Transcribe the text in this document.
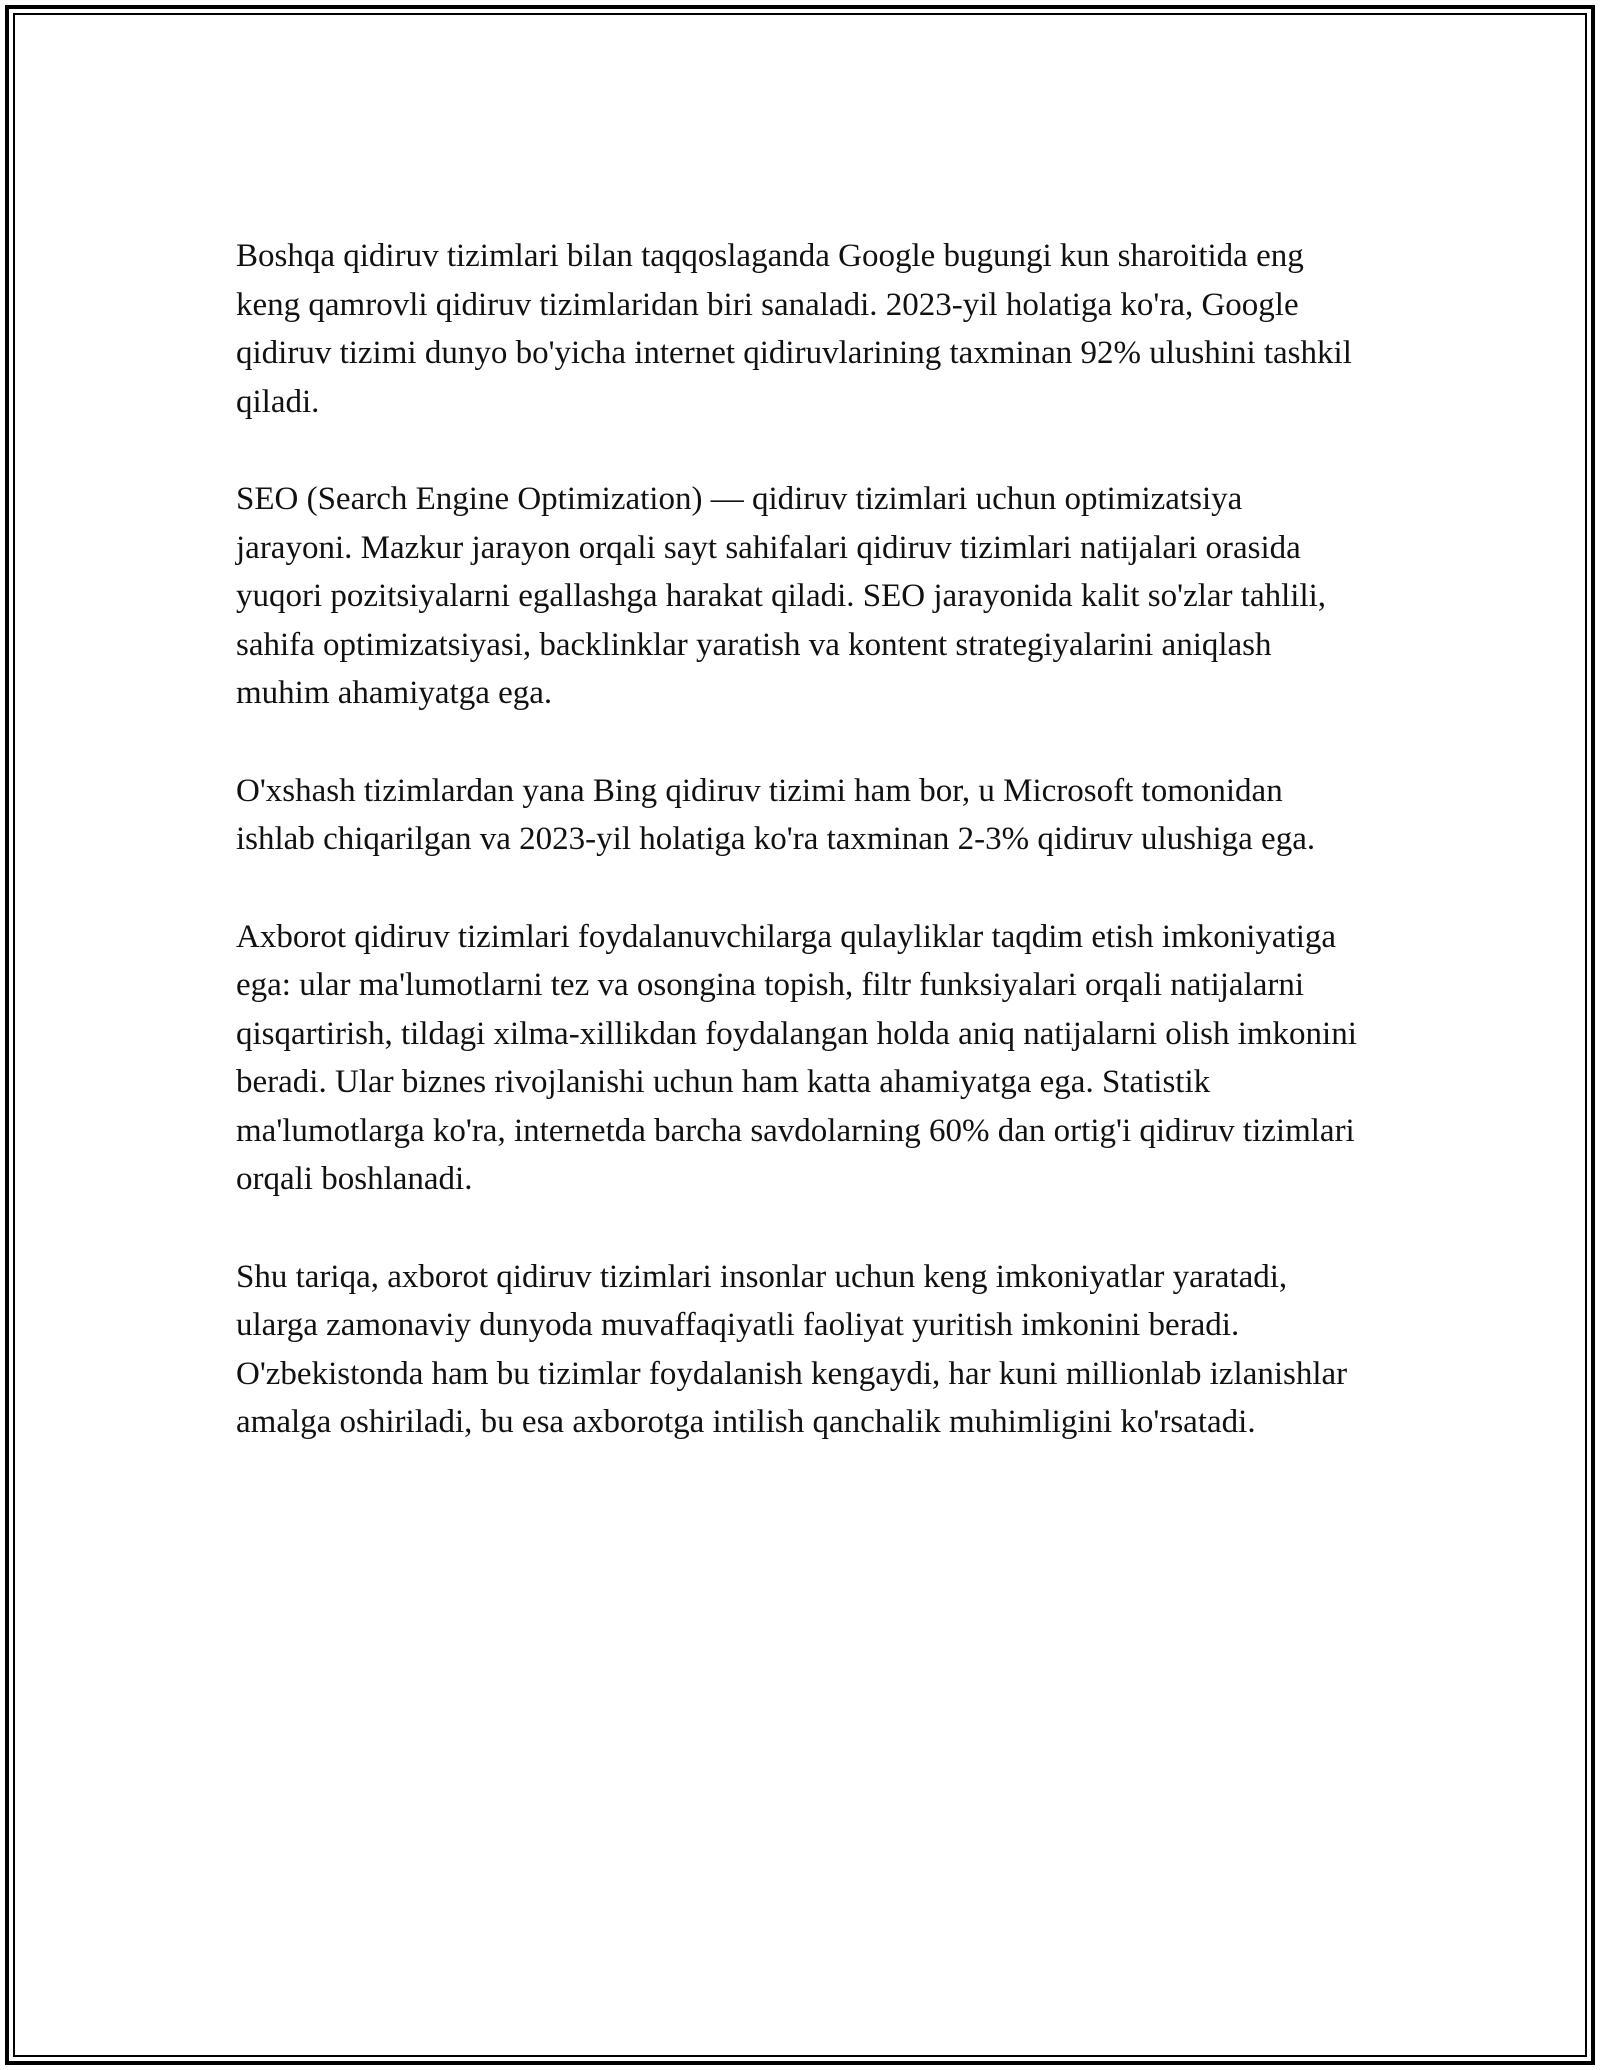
Boshqa qidiruv tizimlari bilan taqqoslaganda Google bugungi kun sharoitida eng keng qamrovli qidiruv tizimlaridan biri sanaladi. 2023-yil holatiga ko'ra, Google qidiruv tizimi dunyo bo'yicha internet qidiruvlarining taxminan 92% ulushini tashkil qiladi.

SEO (Search Engine Optimization) — qidiruv tizimlari uchun optimizatsiya jarayoni. Mazkur jarayon orqali sayt sahifalari qidiruv tizimlari natijalari orasida yuqori pozitsiyalarni egallashga harakat qiladi. SEO jarayonida kalit so'zlar tahlili, sahifa optimizatsiyasi, backlinklar yaratish va kontent strategiyalarini aniqlash muhim ahamiyatga ega.

O'xshash tizimlardan yana Bing qidiruv tizimi ham bor, u Microsoft tomonidan ishlab chiqarilgan va 2023-yil holatiga ko'ra taxminan 2-3% qidiruv ulushiga ega.

Axborot qidiruv tizimlari foydalanuvchilarga qulayliklar taqdim etish imkoniyatiga ega: ular ma'lumotlarni tez va osongina topish, filtr funksiyalari orqali natijalarni qisqartirish, tildagi xilma-xillikdan foydalangan holda aniq natijalarni olish imkonini beradi. Ular biznes rivojlanishi uchun ham katta ahamiyatga ega. Statistik ma'lumotlarga ko'ra, internetda barcha savdolarning 60% dan ortig'i qidiruv tizimlari orqali boshlanadi.

Shu tariqa, axborot qidiruv tizimlari insonlar uchun keng imkoniyatlar yaratadi, ularga zamonaviy dunyoda muvaffaqiyatli faoliyat yuritish imkonini beradi. O'zbekistonda ham bu tizimlar foydalanish kengaydi, har kuni millionlab izlanishlar amalga oshiriladi, bu esa axborotga intilish qanchalik muhimligini ko'rsatadi.
